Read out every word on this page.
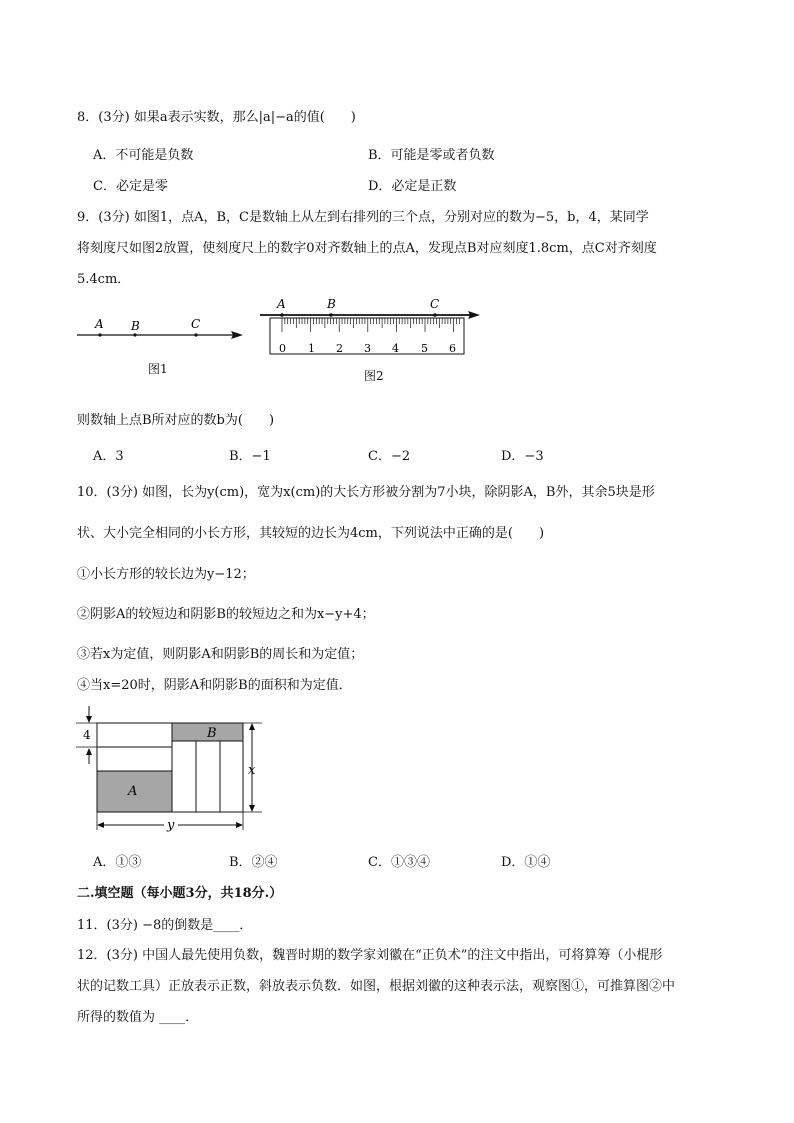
8．(3分) 如果a表示实数，那么|a|−a的值(　　)
A．不可能是负数	B．可能是零或者负数
C．必定是零	D．必定是正数
9．(3分) 如图1，点A，B，C是数轴上从左到右排列的三个点，分别对应的数为−5，b，4，某同学
将刻度尺如图2放置，使刻度尺上的数字0对齐数轴上的点A，发现点B对应刻度1.8cm，点C对齐刻度
5.4cm．
A B	C
图1
A	B	C
0 1 2 3 4 5 6
图2
则数轴上点B所对应的数b为(　　)
A．3	B．−1	C．−2	D．−3
10．(3分) 如图，长为y(cm)，宽为x(cm)的大长方形被分割为7小块，除阴影A，B外，其余5块是形
状、大小完全相同的小长方形，其较短的边长为4cm，下列说法中正确的是(　　)
①小长方形的较长边为y−12；
②阴影A的较短边和阴影B的较短边之和为x−y+4；
③若x为定值，则阴影A和阴影B的周长和为定值；
④当x=20时，阴影A和阴影B的面积和为定值．
4
x
y
A
B
A．①③	B．②④	C．①③④	D．①④
二.填空题（每小题3分，共18分.）
11．(3分) −8的倒数是____．
12．(3分) 中国人最先使用负数，魏晋时期的数学家刘徽在“正负术”的注文中指出，可将算筹（小棍形
状的记数工具）正放表示正数，斜放表示负数．如图，根据刘徽的这种表示法，观察图①，可推算图②中
所得的数值为 ____．
